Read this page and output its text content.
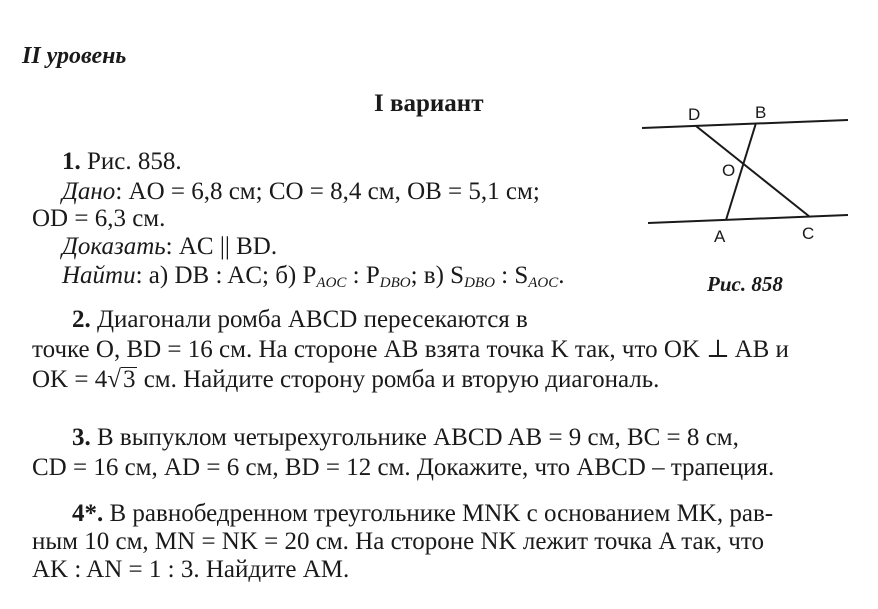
II уровень
I вариант
1. Рис. 858.
Дано: AO = 6,8 см; CO = 8,4 см, OB = 5,1 см;
OD = 6,3 см.
Доказать: AC || BD.
Найти: а) DB : AC; б) $P_{AOC}$ : $P_{DBO}$; в) $S_{DBO}$ : $S_{AOC}$.
D	B
O
A	C
Рис. 858
2. Диагонали ромба ABCD пересекаются в
точке O, BD = 16 см. На стороне AB взята точка K так, что OK ⊥ AB и
OK = 4√3 см. Найдите сторону ромба и вторую диагональ.
3. В выпуклом четырехугольнике ABCD AB = 9 см, BC = 8 см,
CD = 16 см, AD = 6 см, BD = 12 см. Докажите, что ABCD – трапеция.
4*. В равнобедренном треугольнике MNK с основанием MK, рав-
ным 10 см, MN = NK = 20 см. На стороне NK лежит точка A так, что
AK : AN = 1 : 3. Найдите AM.
